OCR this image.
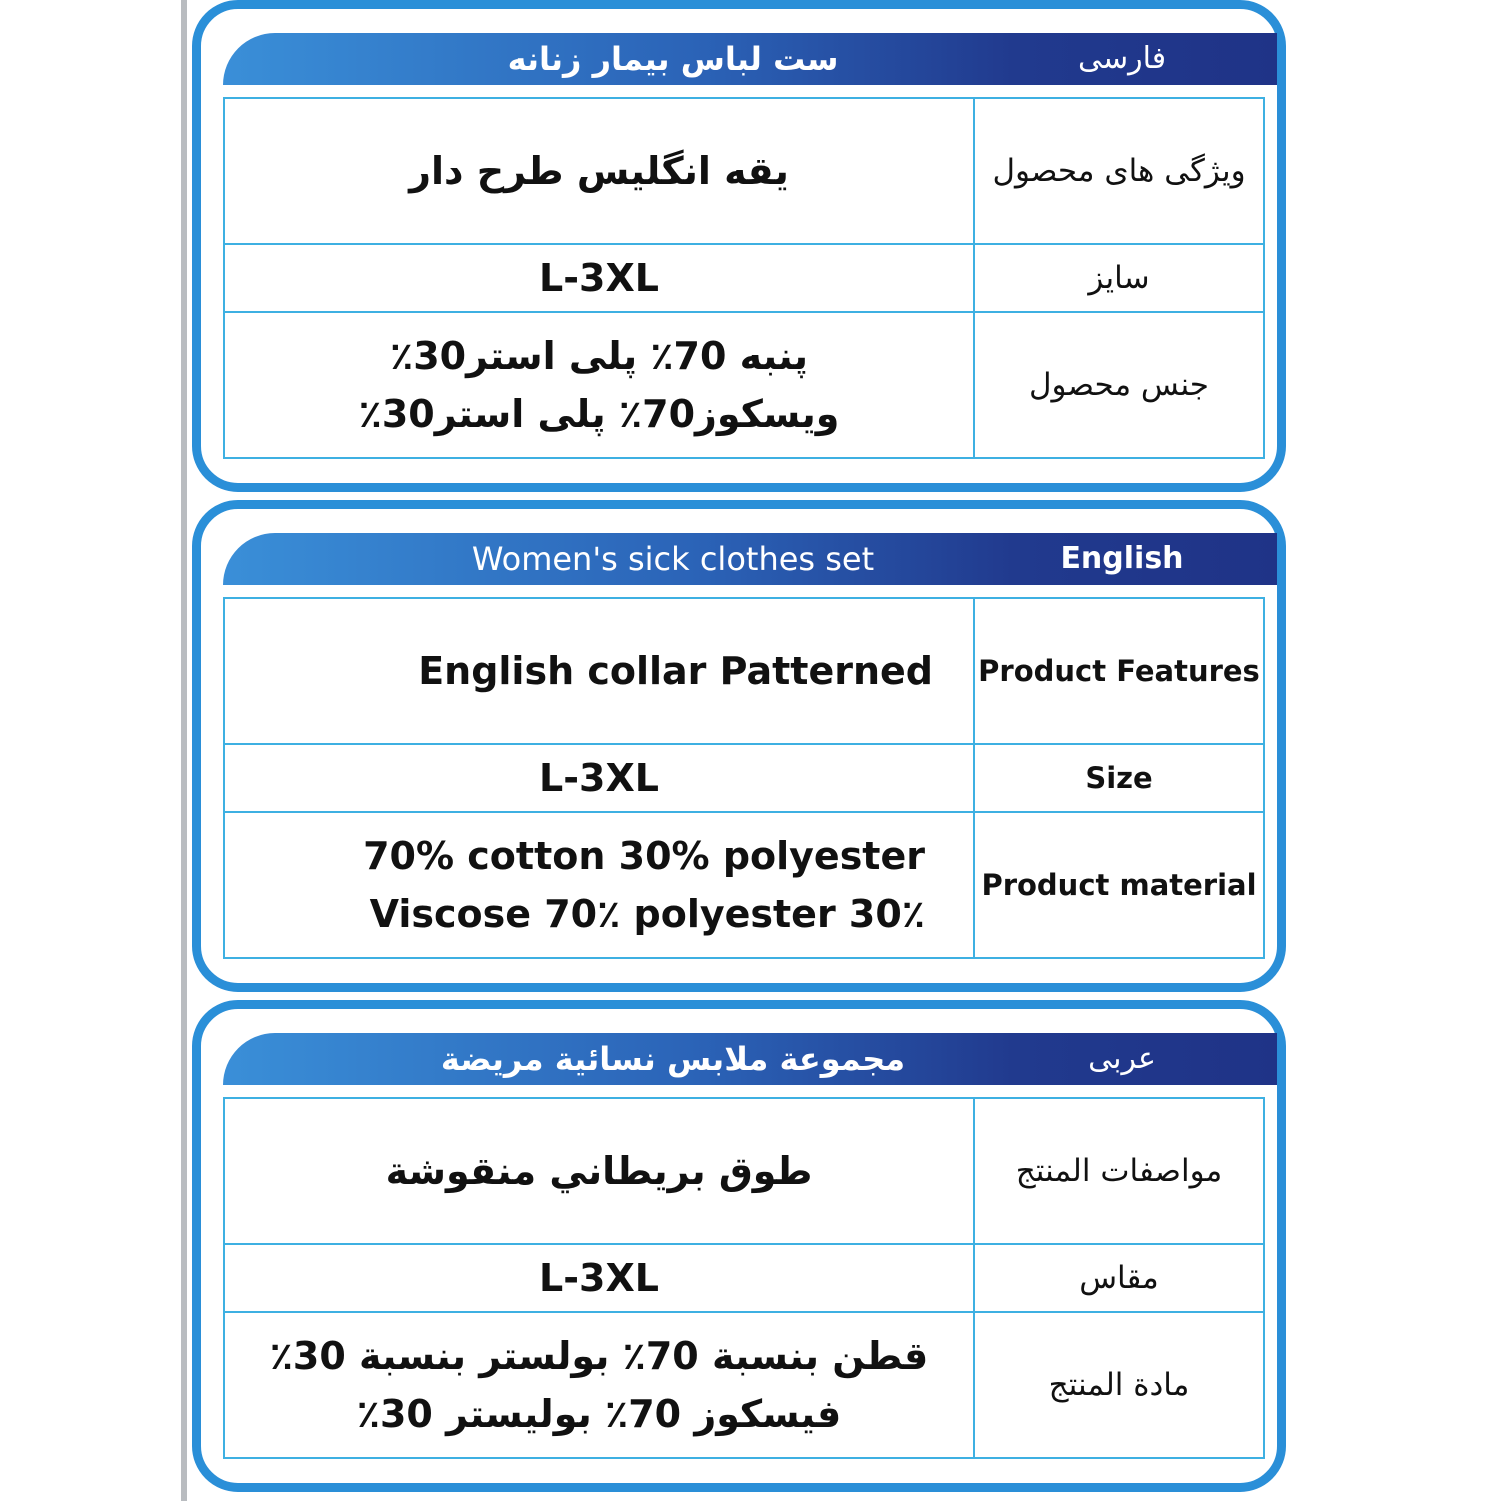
ست لباس بیمار زنانه	فارسی
یقه انگلیس طرح دار	ویژگی های محصول

L-3XL	سایز

پنبه 70٪ پلی استر30٪
ویسکوز70٪ پلی استر30٪	جنس محصول
Women's sick clothes set	English
English collar Patterned	Product Features

L-3XL	Size

70% cotton 30% polyester
Viscose 70٪ polyester 30٪	Product material
مجموعة ملابس نسائية مريضة	عربی
طوق بريطاني منقوشة	مواصفات المنتج

L-3XL	مقاس

قطن بنسبة 70٪ بولستر بنسبة 30٪
فيسكوز 70٪ بوليستر 30٪	مادة المنتج
